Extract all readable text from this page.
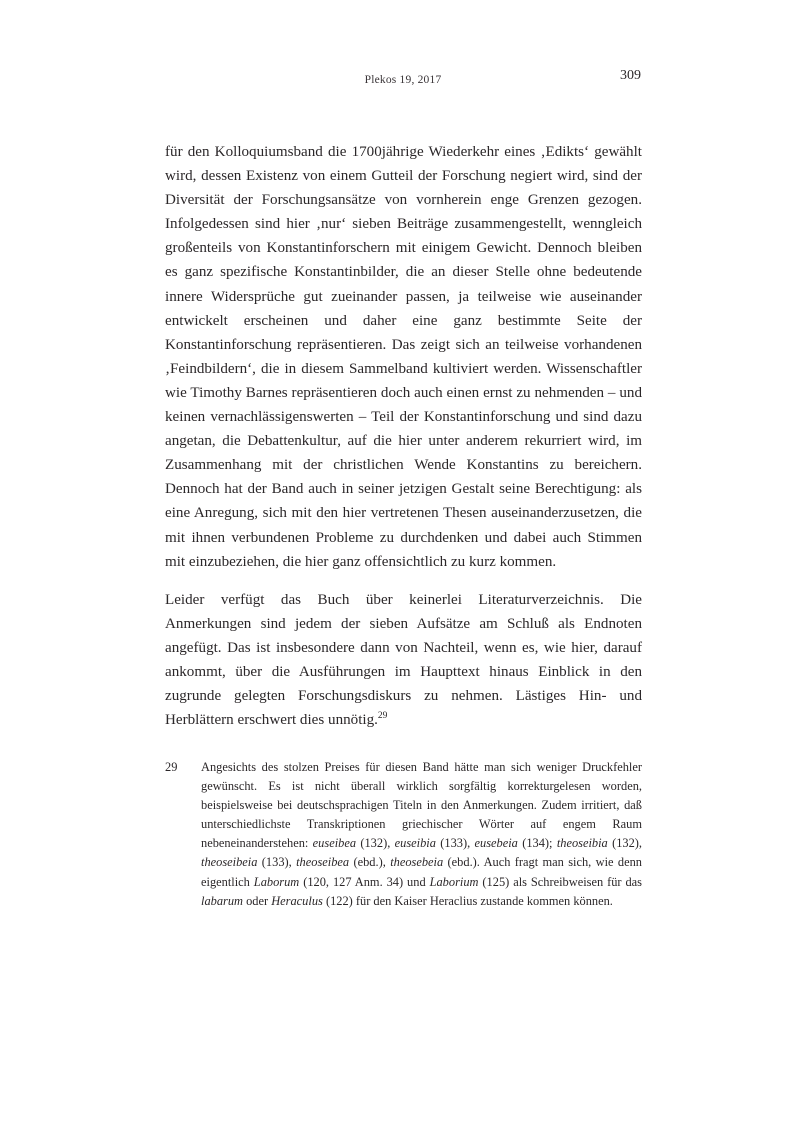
Plekos 19, 2017	309

für den Kolloquiumsband die 1700jährige Wiederkehr eines ‚Edikts‘ gewählt wird, dessen Existenz von einem Gutteil der Forschung negiert wird, sind der Diversität der Forschungsansätze von vornherein enge Grenzen gezogen. Infolgedessen sind hier ‚nur‘ sieben Beiträge zusammengestellt, wenngleich großenteils von Konstantinforschern mit einigem Gewicht. Dennoch bleiben es ganz spezifische Konstantinbilder, die an dieser Stelle ohne bedeutende innere Widersprüche gut zueinander passen, ja teilweise wie auseinander entwickelt erscheinen und daher eine ganz bestimmte Seite der Konstantinforschung repräsentieren. Das zeigt sich an teilweise vorhandenen ‚Feindbildern‘, die in diesem Sammelband kultiviert werden. Wissenschaftler wie Timothy Barnes repräsentieren doch auch einen ernst zu nehmenden – und keinen vernachlässigenswerten – Teil der Konstantinforschung und sind dazu angetan, die Debattenkultur, auf die hier unter anderem rekurriert wird, im Zusammenhang mit der christlichen Wende Konstantins zu bereichern. Dennoch hat der Band auch in seiner jetzigen Gestalt seine Berechtigung: als eine Anregung, sich mit den hier vertretenen Thesen auseinanderzusetzen, die mit ihnen verbundenen Probleme zu durchdenken und dabei auch Stimmen mit einzubeziehen, die hier ganz offensichtlich zu kurz kommen.

Leider verfügt das Buch über keinerlei Literaturverzeichnis. Die Anmerkungen sind jedem der sieben Aufsätze am Schluß als Endnoten angefügt. Das ist insbesondere dann von Nachteil, wenn es, wie hier, darauf ankommt, über die Ausführungen im Haupttext hinaus Einblick in den zugrunde gelegten Forschungsdiskurs zu nehmen. Lästiges Hin- und Herblättern erschwert dies unnötig.$^{29}$

29	Angesichts des stolzen Preises für diesen Band hätte man sich weniger Druckfehler gewünscht. Es ist nicht überall wirklich sorgfältig korrekturgelesen worden, beispielsweise bei deutschsprachigen Titeln in den Anmerkungen. Zudem irritiert, daß unterschiedlichste Transkriptionen griechischer Wörter auf engem Raum nebeneinanderstehen: euseibea (132), euseibia (133), eusebeia (134); theoseibia (132), theoseibeia (133), theoseibea (ebd.), theosebeia (ebd.). Auch fragt man sich, wie denn eigentlich Laborum (120, 127 Anm. 34) und Laborium (125) als Schreibweisen für das labarum oder Heraculus (122) für den Kaiser Heraclius zustande kommen können.
